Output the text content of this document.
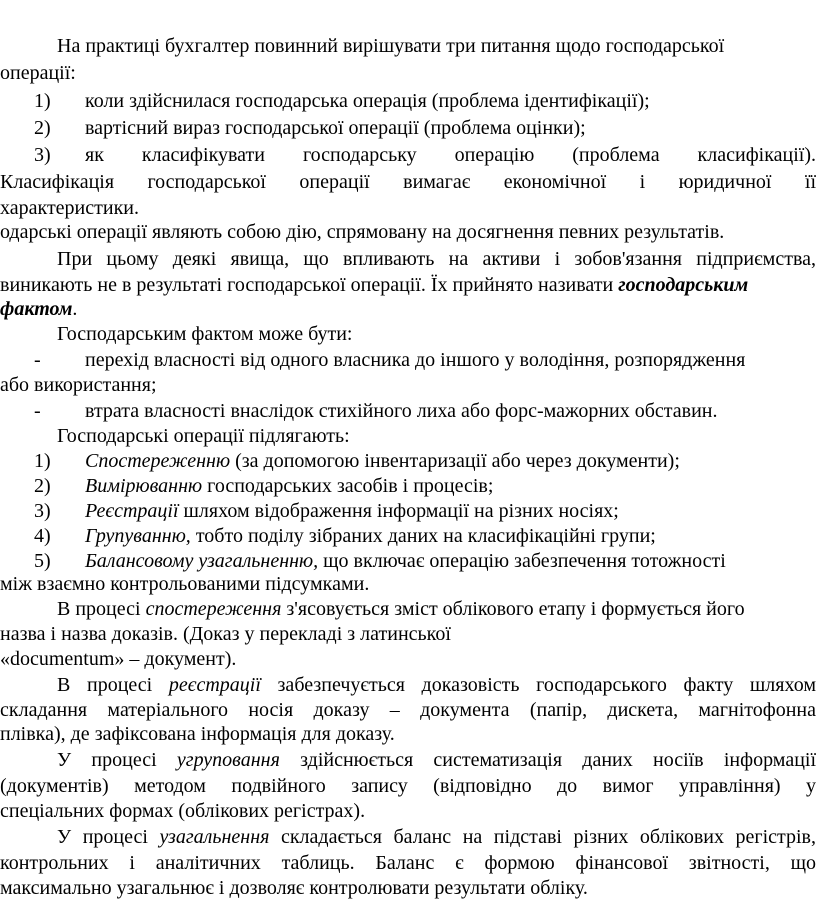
На практиці бухгалтер повинний вирішувати три питання щодо господарської
операції:
1) коли здійснилася господарська операція (проблема ідентифікації);
2) вартісний вираз господарської операції (проблема оцінки);
3) як класифікувати господарську операцію (проблема класифікації).
Класифікація господарської операції вимагає економічної і юридичної її
характеристики.
одарські операції являють собою дію, спрямовану на досягнення певних результатів.
При цьому деякі явища, що впливають на активи і зобов'язання підприємства,
виникають не в результаті господарської операції. Їх прийнято називати господарським
фактом.
Господарським фактом може бути:
- перехід власності від одного власника до іншого у володіння, розпорядження
або використання;
- втрата власності внаслідок стихійного лиха або форс-мажорних обставин.
Господарські операції підлягають:
1) Спостереженню (за допомогою інвентаризації або через документи);
2) Вимірюванню господарських засобів і процесів;
3) Реєстрації шляхом відображення інформації на різних носіях;
4) Групуванню, тобто поділу зібраних даних на класифікаційні групи;
5) Балансовому узагальненню, що включає операцію забезпечення тотожності
між взаємно контрольованими підсумками.
В процесі спостереження з'ясовується зміст облікового етапу і формується його
назва і назва доказів. (Доказ у перекладі з латинської
«documentum» – документ).
В процесі реєстрації забезпечується доказовість господарського факту шляхом
складання матеріального носія доказу – документа (папір, дискета, магнітофонна
плівка), де зафіксована інформація для доказу.
У процесі угруповання здійснюється систематизація даних носіїв інформації
(документів) методом подвійного запису (відповідно до вимог управління) у
спеціальних формах (облікових регістрах).
У процесі узагальнення складається баланс на підставі різних облікових регістрів,
контрольних і аналітичних таблиць. Баланс є формою фінансової звітності, що
максимально узагальнює і дозволяє контролювати результати обліку.
